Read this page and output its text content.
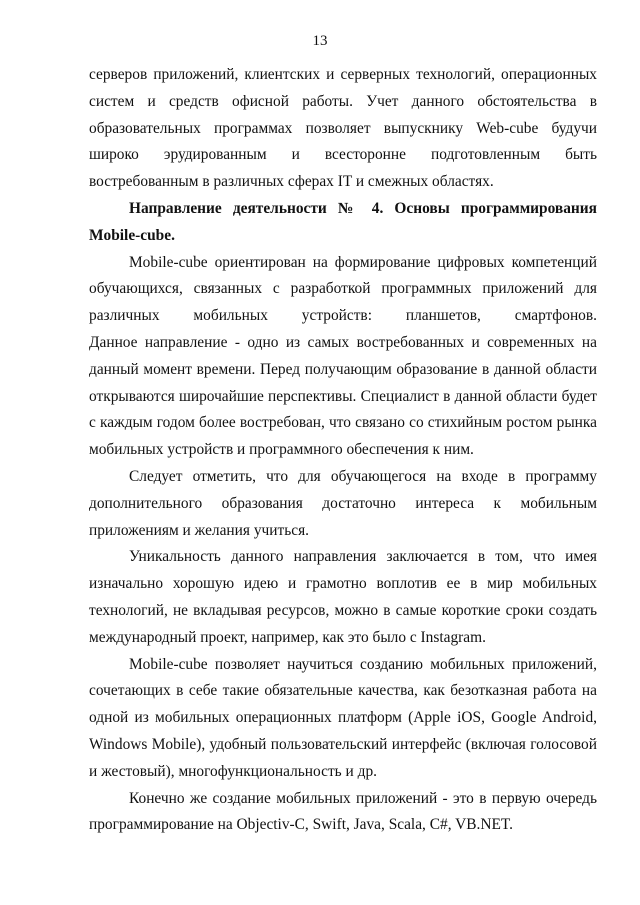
13

серверов приложений, клиентских и серверных технологий, операционных
систем и средств офисной работы. Учет данного обстоятельства в
образовательных программах позволяет выпускнику Web-cube будучи
широко эрудированным и всесторонне подготовленным быть
востребованным в различных сферах IT и смежных областях.

Направление деятельности № 4. Основы программирования
Mobile-cube.

Mobile-cube ориентирован на формирование цифровых компетенций
обучающихся, связанных с разработкой программных приложений для
различных мобильных устройств: планшетов, смартфонов.
Данное направление - одно из самых востребованных и современных на
данный момент времени. Перед получающим образование в данной области
открываются широчайшие перспективы. Специалист в данной области будет
с каждым годом более востребован, что связано со стихийным ростом рынка
мобильных устройств и программного обеспечения к ним.

Следует отметить, что для обучающегося на входе в программу
дополнительного образования достаточно интереса к мобильным
приложениям и желания учиться.

Уникальность данного направления заключается в том, что имея
изначально хорошую идею и грамотно воплотив ее в мир мобильных
технологий, не вкладывая ресурсов, можно в самые короткие сроки создать
международный проект, например, как это было с Instagram.

Mobile-cube позволяет научиться созданию мобильных приложений,
сочетающих в себе такие обязательные качества, как безотказная работа на
одной из мобильных операционных платформ (Apple iOS, Google Android,
Windows Mobile), удобный пользовательский интерфейс (включая голосовой
и жестовый), многофункциональность и др.

Конечно же создание мобильных приложений - это в первую очередь
программирование на Objectiv-C, Swift, Java, Scala, C#, VB.NET.
